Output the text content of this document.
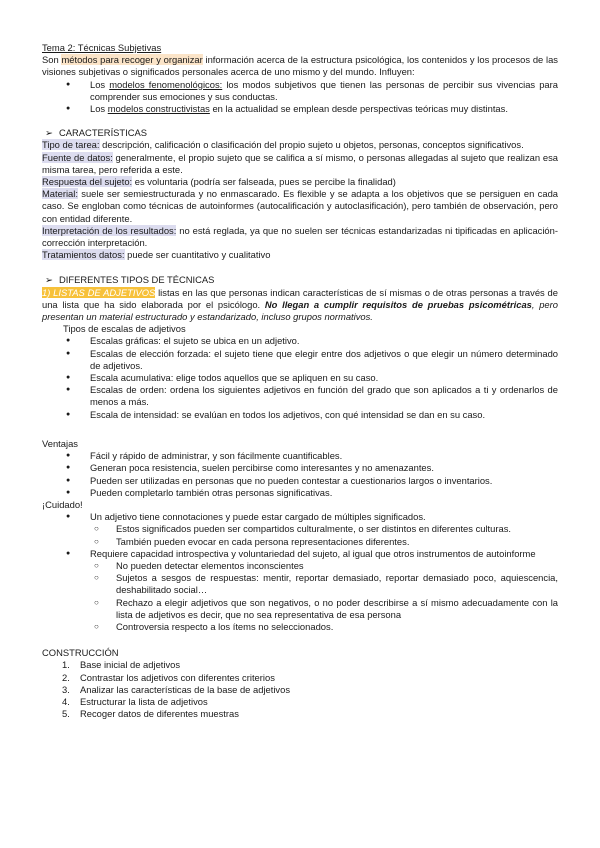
Tema 2: Técnicas Subjetivas

Son métodos para recoger y organizar información acerca de la estructura psicológica, los contenidos y los procesos de las visiones subjetivas o significados personales acerca de uno mismo y del mundo. Influyen:

● Los modelos fenomenológicos: los modos subjetivos que tienen las personas de percibir sus vivencias para comprender sus emociones y sus conductas.
● Los modelos constructivistas en la actualidad se emplean desde perspectivas teóricas muy distintas.

➢ CARACTERÍSTICAS

Tipo de tarea: descripción, calificación o clasificación del propio sujeto u objetos, personas, conceptos significativos.

Fuente de datos: generalmente, el propio sujeto que se califica a sí mismo, o personas allegadas al sujeto que realizan esa misma tarea, pero referida a este.

Respuesta del sujeto: es voluntaria (podría ser falseada, pues se percibe la finalidad)

Material: suele ser semiestructurada y no enmascarado. Es flexible y se adapta a los objetivos que se persiguen en cada caso. Se engloban como técnicas de autoinformes (autocalificación y autoclasificación), pero también de observación, pero con entidad diferente.

Interpretación de los resultados: no está reglada, ya que no suelen ser técnicas estandarizadas ni tipificadas en aplicación-corrección interpretación.

Tratamientos datos: puede ser cuantitativo y cualitativo

➢ DIFERENTES TIPOS DE TÉCNICAS

1) LISTAS DE ADJETIVOS listas en las que personas indican características de sí mismas o de otras personas a través de una lista que ha sido elaborada por el psicólogo. No llegan a cumplir requisitos de pruebas psicométricas, pero presentan un material estructurado y estandarizado, incluso grupos normativos.

Tipos de escalas de adjetivos

● Escalas gráficas: el sujeto se ubica en un adjetivo.
● Escalas de elección forzada: el sujeto tiene que elegir entre dos adjetivos o que elegir un número determinado de adjetivos.
● Escala acumulativa: elige todos aquellos que se apliquen en su caso.
● Escalas de orden: ordena los siguientes adjetivos en función del grado que son aplicados a ti y ordenarlos de menos a más.
● Escala de intensidad: se evalúan en todos los adjetivos, con qué intensidad se dan en su caso.

Ventajas

● Fácil y rápido de administrar, y son fácilmente cuantificables.
● Generan poca resistencia, suelen percibirse como interesantes y no amenazantes.
● Pueden ser utilizadas en personas que no pueden contestar a cuestionarios largos o inventarios.
● Pueden completarlo también otras personas significativas.

¡Cuidado!

● Un adjetivo tiene connotaciones y puede estar cargado de múltiples significados.
○ Estos significados pueden ser compartidos culturalmente, o ser distintos en diferentes culturas.
○ También pueden evocar en cada persona representaciones diferentes.
● Requiere capacidad introspectiva y voluntariedad del sujeto, al igual que otros instrumentos de autoinforme
○ No pueden detectar elementos inconscientes
○ Sujetos a sesgos de respuestas: mentir, reportar demasiado, reportar demasiado poco, aquiescencia, deshabilitado social…
○ Rechazo a elegir adjetivos que son negativos, o no poder describirse a sí mismo adecuadamente con la lista de adjetivos es decir, que no sea representativa de esa persona
○ Controversia respecto a los ítems no seleccionados.

CONSTRUCCIÓN

1. Base inicial de adjetivos
2. Contrastar los adjetivos con diferentes criterios
3. Analizar las características de la base de adjetivos
4. Estructurar la lista de adjetivos
5. Recoger datos de diferentes muestras
